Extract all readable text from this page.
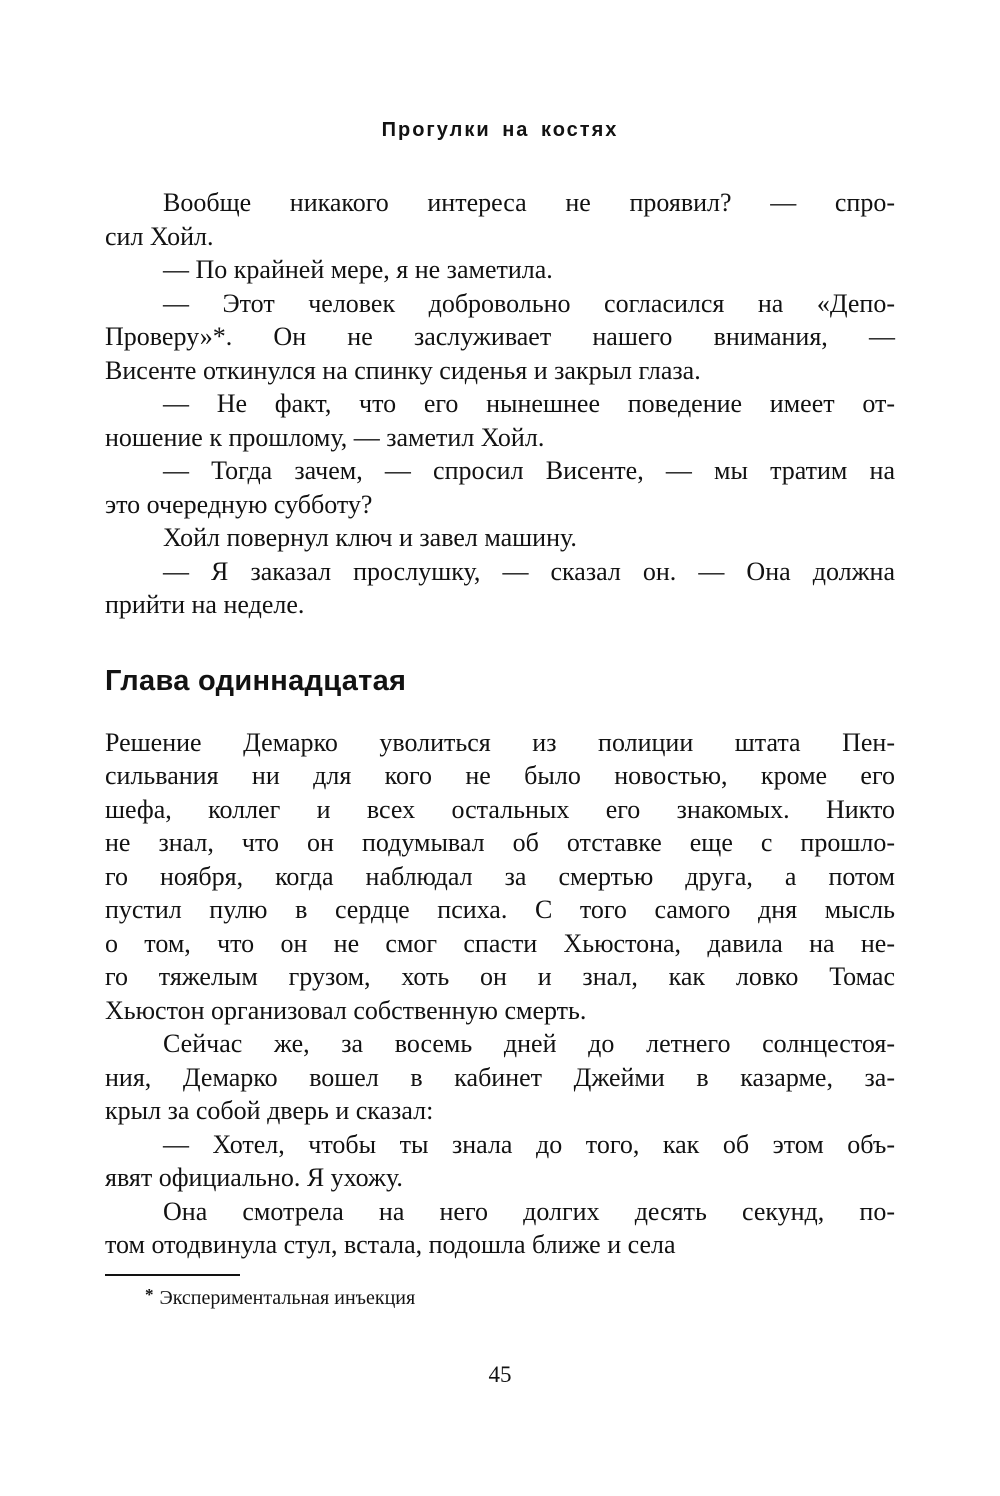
Прогулки на костях
Вообще никакого интереса не проявил? — спро-
сил Хойл.
— По крайней мере, я не заметила.
— Этот человек добровольно согласился на «Депо-
Проверу»*. Он не заслуживает нашего внимания, —
Висенте откинулся на спинку сиденья и закрыл глаза.
— Не факт, что его нынешнее поведение имеет от-
ношение к прошлому, — заметил Хойл.
— Тогда зачем, — спросил Висенте, — мы тратим на
это очередную субботу?
Хойл повернул ключ и завел машину.
— Я заказал прослушку, — сказал он. — Она должна
прийти на неделе.
Глава одиннадцатая
Решение Демарко уволиться из полиции штата Пен-
сильвания ни для кого не было новостью, кроме его
шефа, коллег и всех остальных его знакомых. Никто
не знал, что он подумывал об отставке еще с прошло-
го ноября, когда наблюдал за смертью друга, а потом
пустил пулю в сердце психа. С того самого дня мысль
о том, что он не смог спасти Хьюстона, давила на не-
го тяжелым грузом, хоть он и знал, как ловко Томас
Хьюстон организовал собственную смерть.
Сейчас же, за восемь дней до летнего солнцестоя-
ния, Демарко вошел в кабинет Джейми в казарме, за-
крыл за собой дверь и сказал:
— Хотел, чтобы ты знала до того, как об этом объ-
явят официально. Я ухожу.
Она смотрела на него долгих десять секунд, по-
том отодвинула стул, встала, подошла ближе и села
* Экспериментальная инъекция
45
